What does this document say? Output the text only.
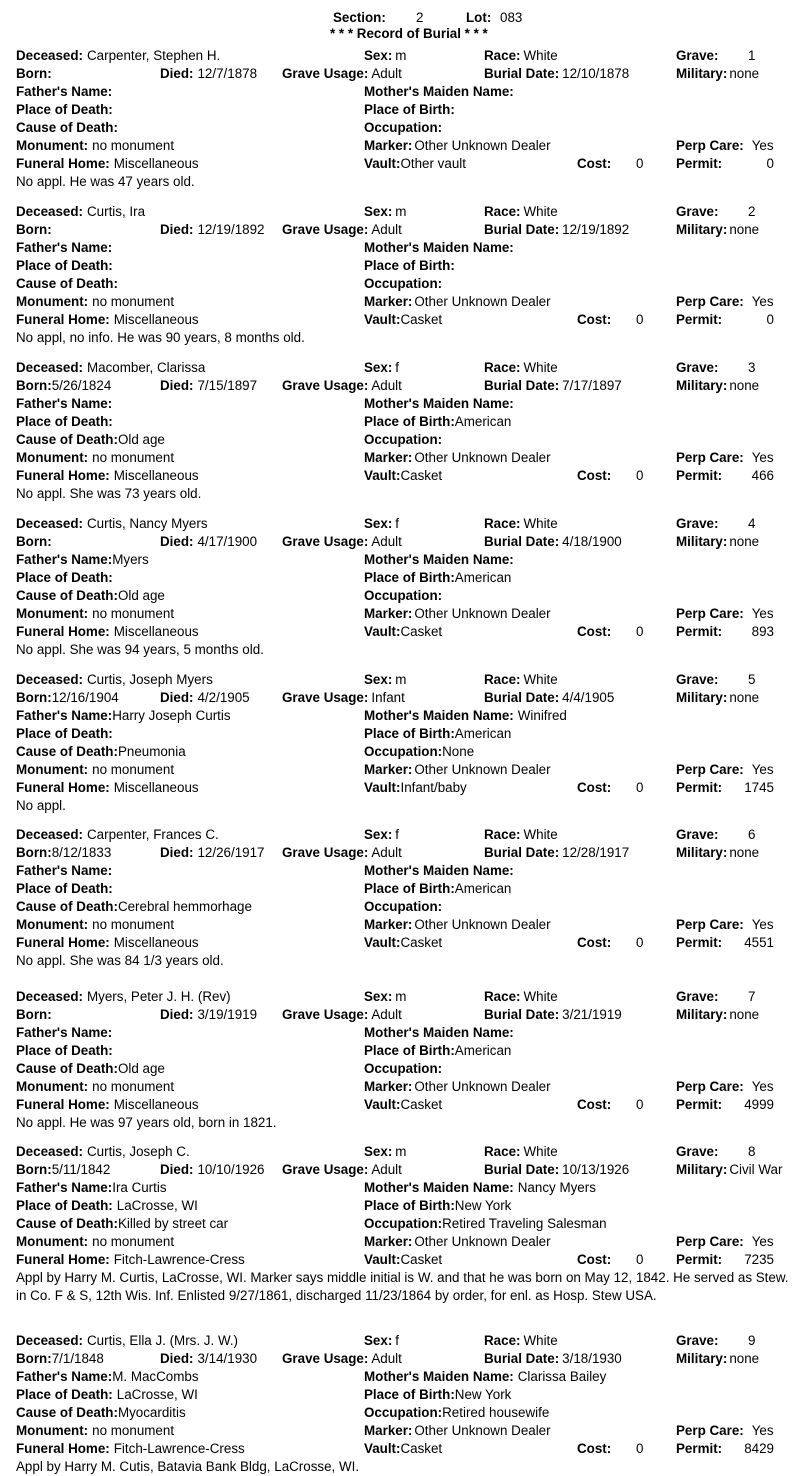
Section: 2	Lot: 083
* * * Record of Burial * * *
Deceased: Carpenter, Stephen H.	Sex: m	Race: White	Grave: 1
Born:	Died: 12/7/1878 Grave Usage: Adult	Burial Date: 12/10/1878	Military: none
Father's Name:	Mother's Maiden Name:
Place of Death:	Place of Birth:
Cause of Death:	Occupation:
Monument: no monument	Marker: Other Unknown Dealer	Perp Care: Yes
Funeral Home: Miscellaneous	Vault:Other vault	Cost: 0 Permit:	0
No appl. He was 47 years old.
Deceased: Curtis, Ira	Sex: m	Race: White	Grave: 2
Born:	Died: 12/19/1892 Grave Usage: Adult	Burial Date: 12/19/1892	Military: none
Father's Name:	Mother's Maiden Name:
Place of Death:	Place of Birth:
Cause of Death:	Occupation:
Monument: no monument	Marker: Other Unknown Dealer	Perp Care: Yes
Funeral Home: Miscellaneous	Vault:Casket	Cost: 0 Permit:	0
No appl, no info. He was 90 years, 8 months old.
Deceased: Macomber, Clarissa	Sex: f	Race: White	Grave: 3
Born:5/26/1824	Died: 7/15/1897 Grave Usage: Adult	Burial Date: 7/17/1897	Military: none
Father's Name:	Mother's Maiden Name:
Place of Death:	Place of Birth:American
Cause of Death:Old age	Occupation:
Monument: no monument	Marker: Other Unknown Dealer	Perp Care: Yes
Funeral Home: Miscellaneous	Vault:Casket	Cost: 0 Permit: 466
No appl. She was 73 years old.
Deceased: Curtis, Nancy Myers	Sex: f	Race: White	Grave: 4
Born:	Died: 4/17/1900 Grave Usage: Adult	Burial Date: 4/18/1900	Military: none
Father's Name:Myers	Mother's Maiden Name:
Place of Death:	Place of Birth:American
Cause of Death:Old age	Occupation:
Monument: no monument	Marker: Other Unknown Dealer	Perp Care: Yes
Funeral Home: Miscellaneous	Vault:Casket	Cost: 0 Permit: 893
No appl. She was 94 years, 5 months old.
Deceased: Curtis, Joseph Myers	Sex: m	Race: White	Grave: 5
Born:12/16/1904	Died: 4/2/1905 Grave Usage: Infant	Burial Date: 4/4/1905	Military: none
Father's Name:Harry Joseph Curtis	Mother's Maiden Name: Winifred
Place of Death:	Place of Birth:American
Cause of Death:Pneumonia	Occupation:None
Monument: no monument	Marker: Other Unknown Dealer	Perp Care: Yes
Funeral Home: Miscellaneous	Vault:Infant/baby	Cost: 0 Permit: 1745
No appl.
Deceased: Carpenter, Frances C.	Sex: f	Race: White	Grave: 6
Born:8/12/1833	Died: 12/26/1917 Grave Usage: Adult	Burial Date: 12/28/1917	Military: none
Father's Name:	Mother's Maiden Name:
Place of Death:	Place of Birth:American
Cause of Death:Cerebral hemmorhage	Occupation:
Monument: no monument	Marker: Other Unknown Dealer	Perp Care: Yes
Funeral Home: Miscellaneous	Vault:Casket	Cost: 0 Permit: 4551
No appl. She was 84 1/3 years old.
Deceased: Myers, Peter J. H. (Rev)	Sex: m	Race: White	Grave: 7
Born:	Died: 3/19/1919 Grave Usage: Adult	Burial Date: 3/21/1919	Military: none
Father's Name:	Mother's Maiden Name:
Place of Death:	Place of Birth:American
Cause of Death:Old age	Occupation:
Monument: no monument	Marker: Other Unknown Dealer	Perp Care: Yes
Funeral Home: Miscellaneous	Vault:Casket	Cost: 0 Permit: 4999
No appl. He was 97 years old, born in 1821.
Deceased: Curtis, Joseph C.	Sex: m	Race: White	Grave: 8
Born:5/11/1842	Died: 10/10/1926 Grave Usage: Adult	Burial Date: 10/13/1926	Military: Civil War
Father's Name:Ira Curtis	Mother's Maiden Name: Nancy Myers
Place of Death: LaCrosse, WI	Place of Birth:New York
Cause of Death:Killed by street car	Occupation:Retired Traveling Salesman
Monument: no monument	Marker: Other Unknown Dealer	Perp Care: Yes
Funeral Home: Fitch-Lawrence-Cress	Vault:Casket	Cost: 0 Permit: 7235
Appl by Harry M. Curtis, LaCrosse, WI. Marker says middle initial is W. and that he was born on May 12, 1842. He served as Stew. in Co. F & S, 12th Wis. Inf. Enlisted 9/27/1861, discharged 11/23/1864 by order, for enl. as Hosp. Stew USA.
Deceased: Curtis, Ella J. (Mrs. J. W.)	Sex: f	Race: White	Grave: 9
Born:7/1/1848	Died: 3/14/1930 Grave Usage: Adult	Burial Date: 3/18/1930	Military: none
Father's Name:M. MacCombs	Mother's Maiden Name: Clarissa Bailey
Place of Death: LaCrosse, WI	Place of Birth:New York
Cause of Death:Myocarditis	Occupation:Retired housewife
Monument: no monument	Marker: Other Unknown Dealer	Perp Care: Yes
Funeral Home: Fitch-Lawrence-Cress	Vault:Casket	Cost: 0 Permit: 8429
Appl by Harry M. Cutis, Batavia Bank Bldg, LaCrosse, WI.
